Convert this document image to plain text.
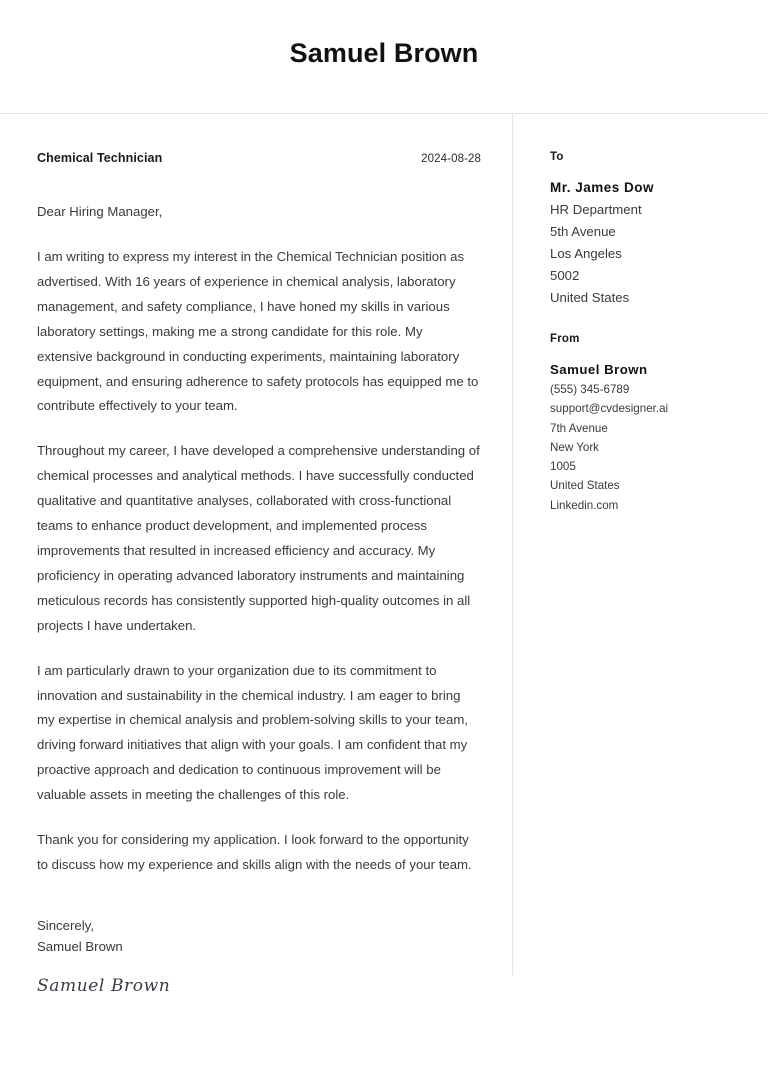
Samuel Brown
Chemical Technician	2024-08-28
Dear Hiring Manager,

I am writing to express my interest in the Chemical Technician position as advertised. With 16 years of experience in chemical analysis, laboratory management, and safety compliance, I have honed my skills in various laboratory settings, making me a strong candidate for this role. My extensive background in conducting experiments, maintaining laboratory equipment, and ensuring adherence to safety protocols has equipped me to contribute effectively to your team.

Throughout my career, I have developed a comprehensive understanding of chemical processes and analytical methods. I have successfully conducted qualitative and quantitative analyses, collaborated with cross-functional teams to enhance product development, and implemented process improvements that resulted in increased efficiency and accuracy. My proficiency in operating advanced laboratory instruments and maintaining meticulous records has consistently supported high-quality outcomes in all projects I have undertaken.

I am particularly drawn to your organization due to its commitment to innovation and sustainability in the chemical industry. I am eager to bring my expertise in chemical analysis and problem-solving skills to your team, driving forward initiatives that align with your goals. I am confident that my proactive approach and dedication to continuous improvement will be valuable assets in meeting the challenges of this role.

Thank you for considering my application. I look forward to the opportunity to discuss how my experience and skills align with the needs of your team.

Sincerely,
Samuel Brown
Samuel Brown
To
Mr. James Dow
HR Department
5th Avenue
Los Angeles
5002
United States
From
Samuel Brown
(555) 345-6789
support@cvdesigner.ai
7th Avenue
New York
1005
United States
Linkedin.com
